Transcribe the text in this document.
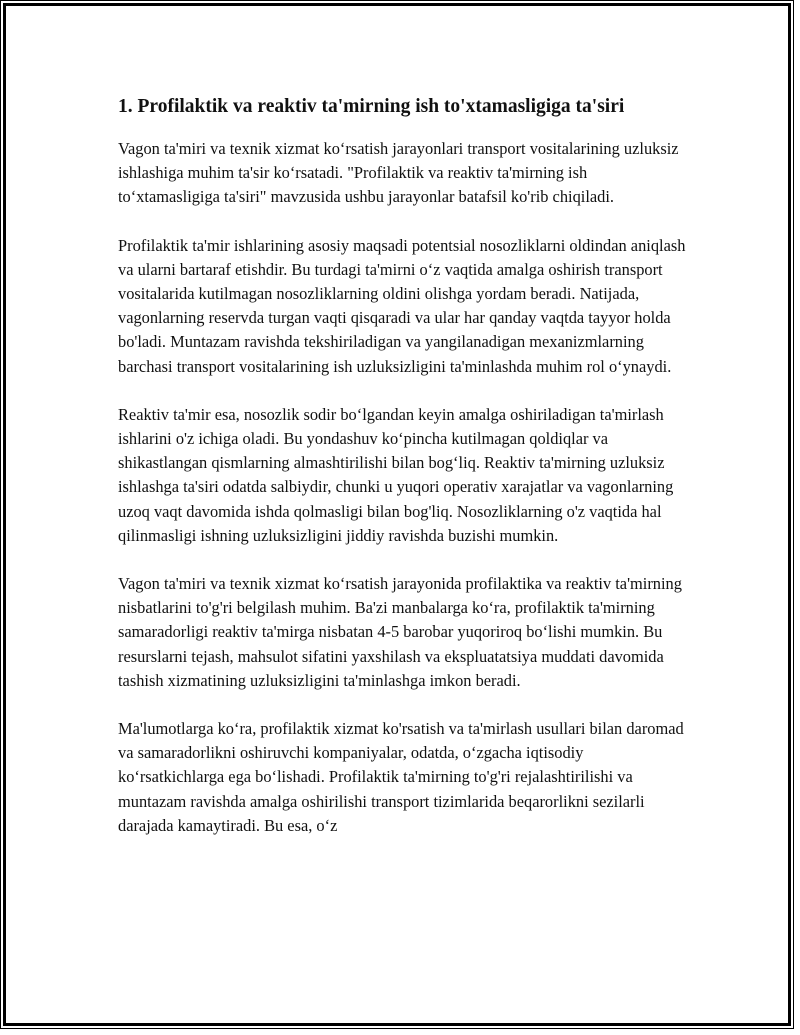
1. Profilaktik va reaktiv ta'mirning ish to'xtamasligiga ta'siri

Vagon ta'miri va texnik xizmat koʻrsatish jarayonlari transport vositalarining uzluksiz ishlashiga muhim ta'sir koʻrsatadi. "Profilaktik va reaktiv ta'mirning ish toʻxtamasligiga ta'siri" mavzusida ushbu jarayonlar batafsil ko'rib chiqiladi.

Profilaktik ta'mir ishlarining asosiy maqsadi potentsial nosozliklarni oldindan aniqlash va ularni bartaraf etishdir. Bu turdagi ta'mirni oʻz vaqtida amalga oshirish transport vositalarida kutilmagan nosozliklarning oldini olishga yordam beradi. Natijada, vagonlarning reservda turgan vaqti qisqaradi va ular har qanday vaqtda tayyor holda bo'ladi. Muntazam ravishda tekshiriladigan va yangilanadigan mexanizmlarning barchasi transport vositalarining ish uzluksizligini ta'minlashda muhim rol oʻynaydi.

Reaktiv ta'mir esa, nosozlik sodir boʻlgandan keyin amalga oshiriladigan ta'mirlash ishlarini o'z ichiga oladi. Bu yondashuv koʻpincha kutilmagan qoldiqlar va shikastlangan qismlarning almashtirilishi bilan bogʻliq. Reaktiv ta'mirning uzluksiz ishlashga ta'siri odatda salbiydir, chunki u yuqori operativ xarajatlar va vagonlarning uzoq vaqt davomida ishda qolmasligi bilan bog'liq. Nosozliklarning o'z vaqtida hal qilinmasligi ishning uzluksizligini jiddiy ravishda buzishi mumkin.

Vagon ta'miri va texnik xizmat koʻrsatish jarayonida profilaktika va reaktiv ta'mirning nisbatlarini to'g'ri belgilash muhim. Ba'zi manbalarga koʻra, profilaktik ta'mirning samaradorligi reaktiv ta'mirga nisbatan 4-5 barobar yuqoriroq boʻlishi mumkin. Bu resurslarni tejash, mahsulot sifatini yaxshilash va ekspluatatsiya muddati davomida tashish xizmatining uzluksizligini ta'minlashga imkon beradi.

Ma'lumotlarga koʻra, profilaktik xizmat ko'rsatish va ta'mirlash usullari bilan daromad va samaradorlikni oshiruvchi kompaniyalar, odatda, oʻzgacha iqtisodiy koʻrsatkichlarga ega boʻlishadi. Profilaktik ta'mirning to'g'ri rejalashtirilishi va muntazam ravishda amalga oshirilishi transport tizimlarida beqarorlikni sezilarli darajada kamaytiradi. Bu esa, oʻz
